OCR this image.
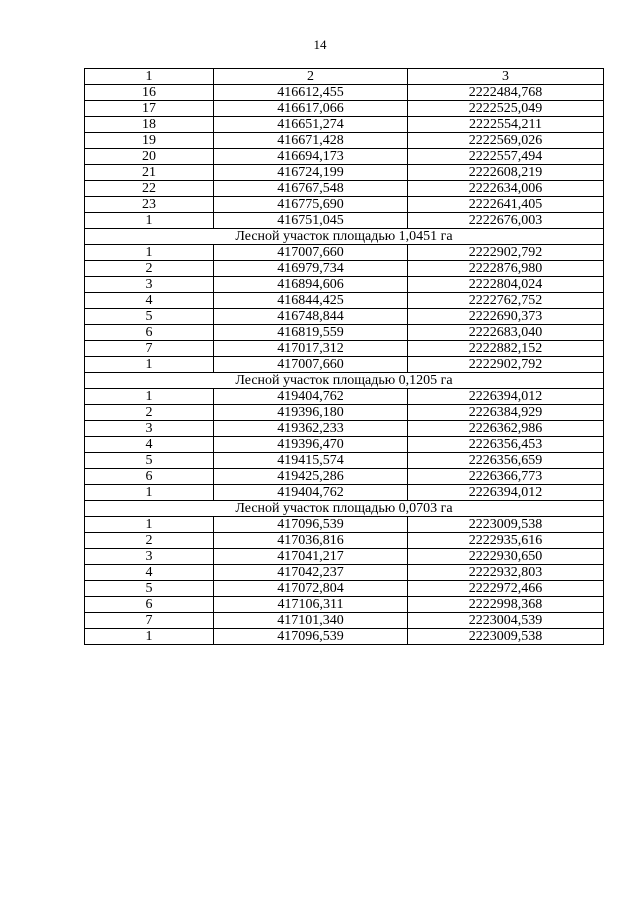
14
1	2	3
16	416612,455	2222484,768
17	416617,066	2222525,049
18	416651,274	2222554,211
19	416671,428	2222569,026
20	416694,173	2222557,494
21	416724,199	2222608,219
22	416767,548	2222634,006
23	416775,690	2222641,405
1	416751,045	2222676,003
Лесной участок площадью 1,0451 га		
1	417007,660	2222902,792
2	416979,734	2222876,980
3	416894,606	2222804,024
4	416844,425	2222762,752
5	416748,844	2222690,373
6	416819,559	2222683,040
7	417017,312	2222882,152
1	417007,660	2222902,792
Лесной участок площадью 0,1205 га		
1	419404,762	2226394,012
2	419396,180	2226384,929
3	419362,233	2226362,986
4	419396,470	2226356,453
5	419415,574	2226356,659
6	419425,286	2226366,773
1	419404,762	2226394,012
Лесной участок площадью 0,0703 га		
1	417096,539	2223009,538
2	417036,816	2222935,616
3	417041,217	2222930,650
4	417042,237	2222932,803
5	417072,804	2222972,466
6	417106,311	2222998,368
7	417101,340	2223004,539
1	417096,539	2223009,538
